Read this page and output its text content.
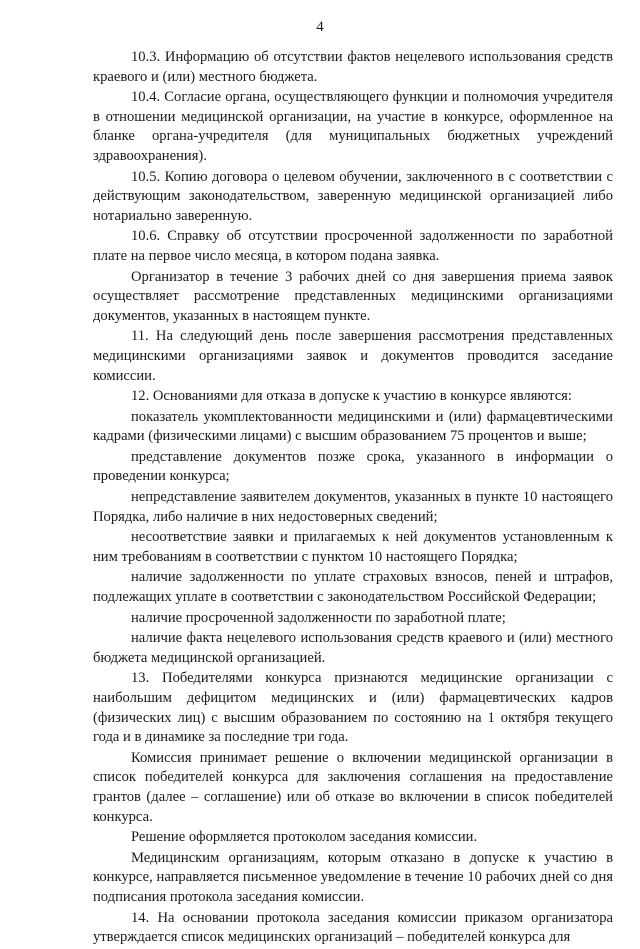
4

10.3. Информацию об отсутствии фактов нецелевого использования средств краевого и (или) местного бюджета.

10.4. Согласие органа, осуществляющего функции и полномочия учредителя в отношении медицинской организации, на участие в конкурсе, оформленное на бланке органа-учредителя (для муниципальных бюджетных учреждений здравоохранения).

10.5. Копию договора о целевом обучении, заключенного в с соответствии с действующим законодательством, заверенную медицинской организацией либо нотариально заверенную.

10.6. Справку об отсутствии просроченной задолженности по заработной плате на первое число месяца, в котором подана заявка.

Организатор в течение 3 рабочих дней со дня завершения приема заявок осуществляет рассмотрение представленных медицинскими организациями документов, указанных в настоящем пункте.

11. На следующий день после завершения рассмотрения представленных медицинскими организациями заявок и документов проводится заседание комиссии.

12. Основаниями для отказа в допуске к участию в конкурсе являются:

показатель укомплектованности медицинскими и (или) фармацевтическими кадрами (физическими лицами) с высшим образованием 75 процентов и выше;

представление документов позже срока, указанного в информации о проведении конкурса;

непредставление заявителем документов, указанных в пункте 10 настоящего Порядка, либо наличие в них недостоверных сведений;

несоответствие заявки и прилагаемых к ней документов установленным к ним требованиям в соответствии с пунктом 10 настоящего Порядка;

наличие задолженности по уплате страховых взносов, пеней и штрафов, подлежащих уплате в соответствии с законодательством Российской Федерации;

наличие просроченной задолженности по заработной плате;

наличие факта нецелевого использования средств краевого и (или) местного бюджета медицинской организацией.

13. Победителями конкурса признаются медицинские организации с наибольшим дефицитом медицинских и (или) фармацевтических кадров (физических лиц) с высшим образованием по состоянию на 1 октября текущего года и в динамике за последние три года.

Комиссия принимает решение о включении медицинской организации в список победителей конкурса для заключения соглашения на предоставление грантов (далее – соглашение) или об отказе во включении в список победителей конкурса.

Решение оформляется протоколом заседания комиссии.

Медицинским организациям, которым отказано в допуске к участию в конкурсе, направляется письменное уведомление в течение 10 рабочих дней со дня подписания протокола заседания комиссии.

14. На основании протокола заседания комиссии приказом организатора утверждается список медицинских организаций – победителей конкурса для
